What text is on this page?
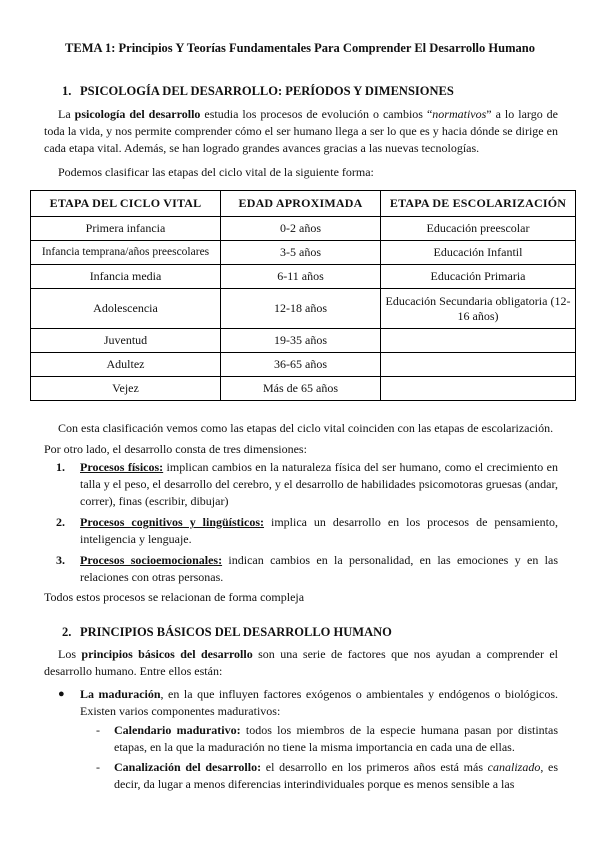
TEMA 1: Principios Y Teorías Fundamentales Para Comprender El Desarrollo Humano
1. PSICOLOGÍA DEL DESARROLLO: PERÍODOS Y DIMENSIONES

La psicología del desarrollo estudia los procesos de evolución o cambios “normativos” a lo largo de toda la vida, y nos permite comprender cómo el ser humano llega a ser lo que es y hacia dónde se dirige en cada etapa vital. Además, se han logrado grandes avances gracias a las nuevas tecnologías.

Podemos clasificar las etapas del ciclo vital de la siguiente forma:
ETAPA DEL CICLO VITAL	EDAD APROXIMADA	ETAPA DE ESCOLARIZACIÓN
Primera infancia	0-2 años	Educación preescolar
Infancia temprana/años preescolares	3-5 años	Educación Infantil
Infancia media	6-11 años	Educación Primaria
Adolescencia	12-18 años	Educación Secundaria obligatoria (12-16 años)
Juventud	19-35 años	
Adultez	36-65 años	
Vejez	Más de 65 años	
Con esta clasificación vemos como las etapas del ciclo vital coinciden con las etapas de escolarización.
Por otro lado, el desarrollo consta de tres dimensiones:
1. Procesos físicos: implican cambios en la naturaleza física del ser humano, como el crecimiento en talla y el peso, el desarrollo del cerebro, y el desarrollo de habilidades psicomotoras gruesas (andar, correr), finas (escribir, dibujar)
2. Procesos cognitivos y lingüísticos: implica un desarrollo en los procesos de pensamiento, inteligencia y lenguaje.
3. Procesos socioemocionales: indican cambios en la personalidad, en las emociones y en las relaciones con otras personas.
Todos estos procesos se relacionan de forma compleja
2. PRINCIPIOS BÁSICOS DEL DESARROLLO HUMANO

Los principios básicos del desarrollo son una serie de factores que nos ayudan a comprender el desarrollo humano. Entre ellos están:

● La maduración, en la que influyen factores exógenos o ambientales y endógenos o biológicos. Existen varios componentes madurativos:
- Calendario madurativo: todos los miembros de la especie humana pasan por distintas etapas, en la que la maduración no tiene la misma importancia en cada una de ellas.
- Canalización del desarrollo: el desarrollo en los primeros años está más canalizado, es decir, da lugar a menos diferencias interindividuales porque es menos sensible a las
